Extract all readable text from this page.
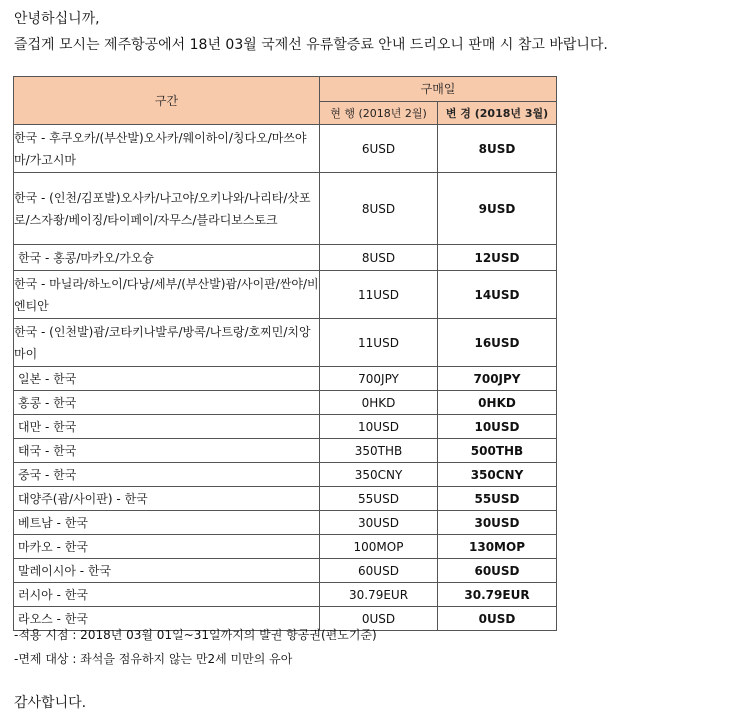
안녕하십니까,
즐겁게 모시는 제주항공에서 18년 03월 국제선 유류할증료 안내 드리오니 판매 시 참고 바랍니다.
구간	구매일	
	현 행 (2018년 2월)	변 경 (2018년 3월)
한국 - 후쿠오카/(부산발)오사카/웨이하이/칭다오/마쓰야마/가고시마	6USD	8USD
한국 - (인천/김포발)오사카/나고야/오키나와/나리타/삿포로/스자좡/베이징/타이페이/자무스/블라디보스토크	8USD	9USD
한국 - 홍콩/마카오/가오슝	8USD	12USD
한국 - 마닐라/하노이/다낭/세부/(부산발)괌/사이판/싼야/비엔티안	11USD	14USD
한국 - (인천발)괌/코타키나발루/방콕/나트랑/호찌민/치앙마이	11USD	16USD
일본 - 한국	700JPY	700JPY
홍콩 - 한국	0HKD	0HKD
대만 - 한국	10USD	10USD
태국 - 한국	350THB	500THB
중국 - 한국	350CNY	350CNY
대양주(괌/사이판) - 한국	55USD	55USD
베트남 - 한국	30USD	30USD
마카오 - 한국	100MOP	130MOP
말레이시아 - 한국	60USD	60USD
러시아 - 한국	30.79EUR	30.79EUR
라오스 - 한국	0USD	0USD
-적용 시점 : 2018년 03월 01일~31일까지의 발권 항공권(편도기준)
-면제 대상 : 좌석을 점유하지 않는 만2세 미만의 유아
감사합니다.
